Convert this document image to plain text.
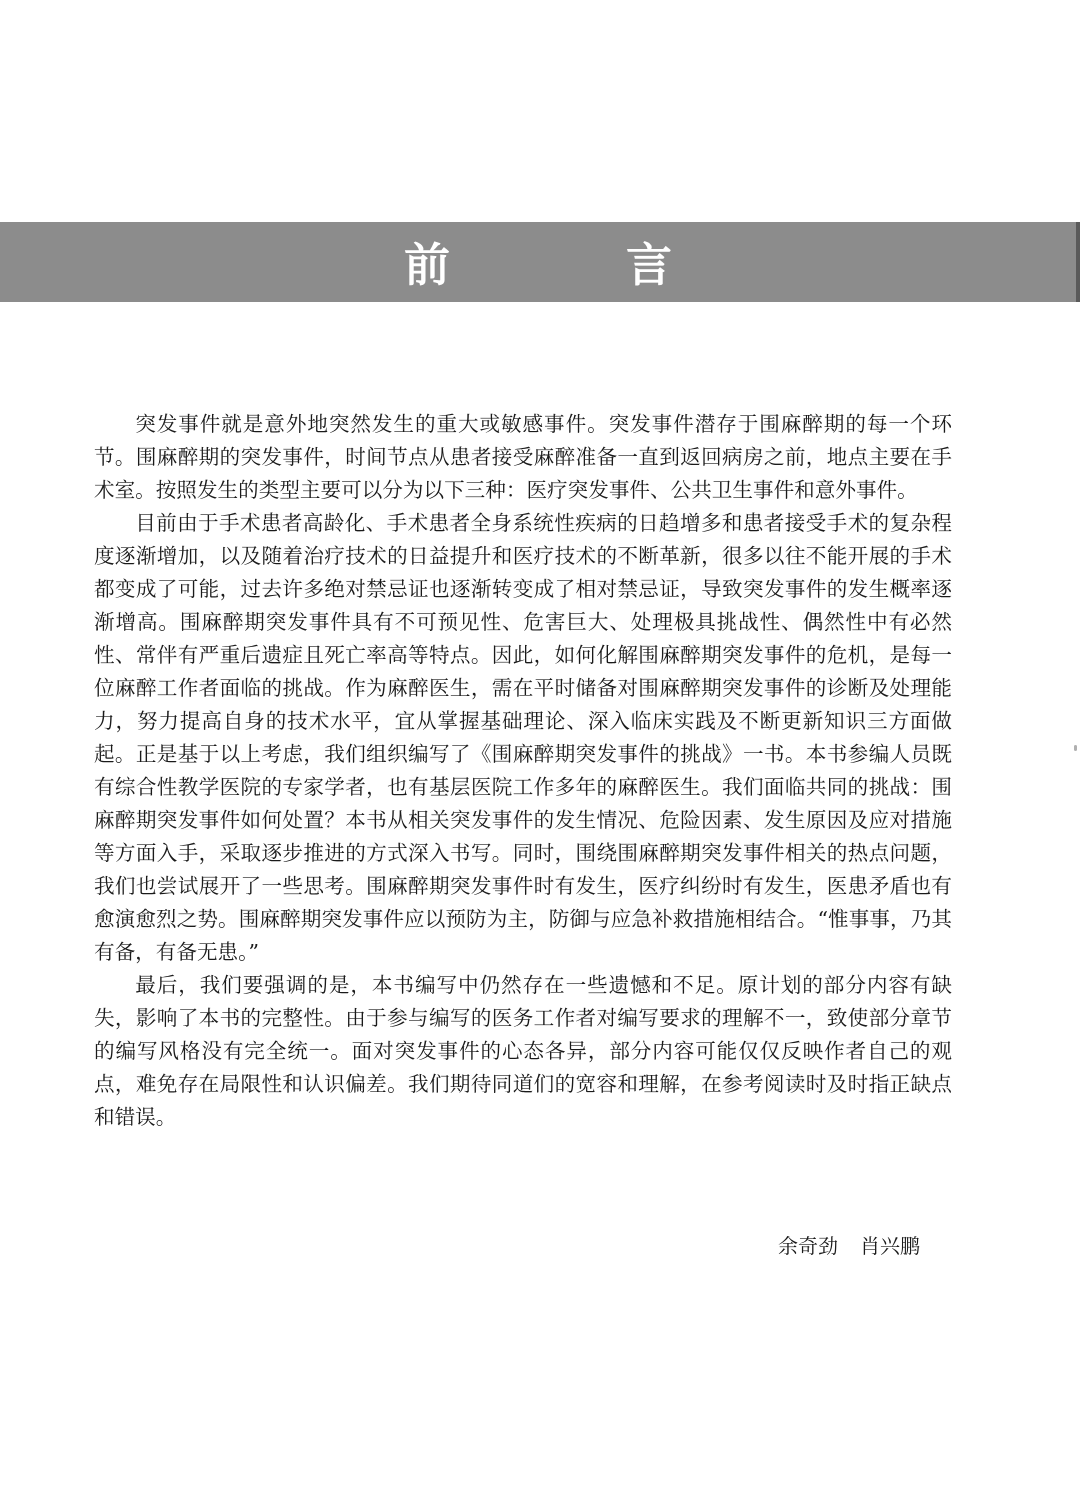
前 言

突发事件就是意外地突然发生的重大或敏感事件。突发事件潜存于围麻醉期的每一个环节。围麻醉期的突发事件，时间节点从患者接受麻醉准备一直到返回病房之前，地点主要在手术室。按照发生的类型主要可以分为以下三种：医疗突发事件、公共卫生事件和意外事件。

目前由于手术患者高龄化、手术患者全身系统性疾病的日趋增多和患者接受手术的复杂程度逐渐增加，以及随着治疗技术的日益提升和医疗技术的不断革新，很多以往不能开展的手术都变成了可能，过去许多绝对禁忌证也逐渐转变成了相对禁忌证，导致突发事件的发生概率逐渐增高。围麻醉期突发事件具有不可预见性、危害巨大、处理极具挑战性、偶然性中有必然性、常伴有严重后遗症且死亡率高等特点。因此，如何化解围麻醉期突发事件的危机，是每一位麻醉工作者面临的挑战。作为麻醉医生，需在平时储备对围麻醉期突发事件的诊断及处理能力，努力提高自身的技术水平，宜从掌握基础理论、深入临床实践及不断更新知识三方面做起。正是基于以上考虑，我们组织编写了《围麻醉期突发事件的挑战》一书。本书参编人员既有综合性教学医院的专家学者，也有基层医院工作多年的麻醉医生。我们面临共同的挑战：围麻醉期突发事件如何处置？本书从相关突发事件的发生情况、危险因素、发生原因及应对措施等方面入手，采取逐步推进的方式深入书写。同时，围绕围麻醉期突发事件相关的热点问题，我们也尝试展开了一些思考。围麻醉期突发事件时有发生，医疗纠纷时有发生，医患矛盾也有愈演愈烈之势。围麻醉期突发事件应以预防为主，防御与应急补救措施相结合。“惟事事，乃其有备，有备无患。”

最后，我们要强调的是，本书编写中仍然存在一些遗憾和不足。原计划的部分内容有缺失，影响了本书的完整性。由于参与编写的医务工作者对编写要求的理解不一，致使部分章节的编写风格没有完全统一。面对突发事件的心态各异，部分内容可能仅仅反映作者自己的观点，难免存在局限性和认识偏差。我们期待同道们的宽容和理解，在参考阅读时及时指正缺点和错误。

余奇劲 肖兴鹏
